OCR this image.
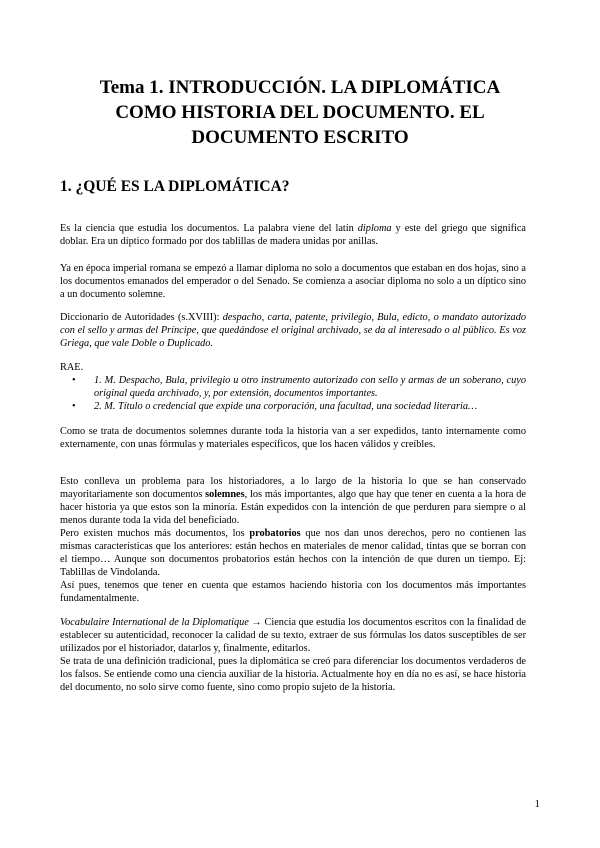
Tema 1. INTRODUCCIÓN. LA DIPLOMÁTICA
COMO HISTORIA DEL DOCUMENTO. EL
DOCUMENTO ESCRITO
1. ¿QUÉ ES LA DIPLOMÁTICA?

Es la ciencia que estudia los documentos. La palabra viene del latín diploma y este del griego que significa doblar. Era un díptico formado por dos tablillas de madera unidas por anillas.

Ya en época imperial romana se empezó a llamar diploma no solo a documentos que estaban en dos hojas, sino a los documentos emanados del emperador o del Senado. Se comienza a asociar diploma no solo a un díptico sino a un documento solemne.

Diccionario de Autoridades (s.XVIII): despacho, carta, patente, privilegio, Bula, edicto, o mandato autorizado con el sello y armas del Príncipe, que quedándose el original archivado, se da al interesado o al público. Es voz Griega, que vale Doble o Duplicado.

RAE.

• 1. M. Despacho, Bula, privilegio u otro instrumento autorizado con sello y armas de un soberano, cuyo original queda archivado, y, por extensión, documentos importantes.
• 2. M. Título o credencial que expide una corporación, una facultad, una sociedad literaria…

Como se trata de documentos solemnes durante toda la historia van a ser expedidos, tanto internamente como externamente, con unas fórmulas y materiales específicos, que los hacen válidos y creíbles.

Esto conlleva un problema para los historiadores, a lo largo de la historia lo que se han conservado mayoritariamente son documentos solemnes, los más importantes, algo que hay que tener en cuenta a la hora de hacer historia ya que estos son la minoría. Están expedidos con la intención de que perduren para siempre o al menos durante toda la vida del beneficiado.

Pero existen muchos más documentos, los probatorios que nos dan unos derechos, pero no contienen las mismas características que los anteriores: están hechos en materiales de menor calidad, tintas que se borran con el tiempo… Aunque son documentos probatorios están hechos con la intención de que duren un tiempo. Ej: Tablillas de Vindolanda.

Así pues, tenemos que tener en cuenta que estamos haciendo historia con los documentos más importantes fundamentalmente.

Vocabulaire International de la Diplomatique → Ciencia que estudia los documentos escritos con la finalidad de establecer su autenticidad, reconocer la calidad de su texto, extraer de sus fórmulas los datos susceptibles de ser utilizados por el historiador, datarlos y, finalmente, editarlos.

Se trata de una definición tradicional, pues la diplomática se creó para diferenciar los documentos verdaderos de los falsos. Se entiende como una ciencia auxiliar de la historia. Actualmente hoy en día no es así, se hace historia del documento, no solo sirve como fuente, sino como propio sujeto de la historia.

1
